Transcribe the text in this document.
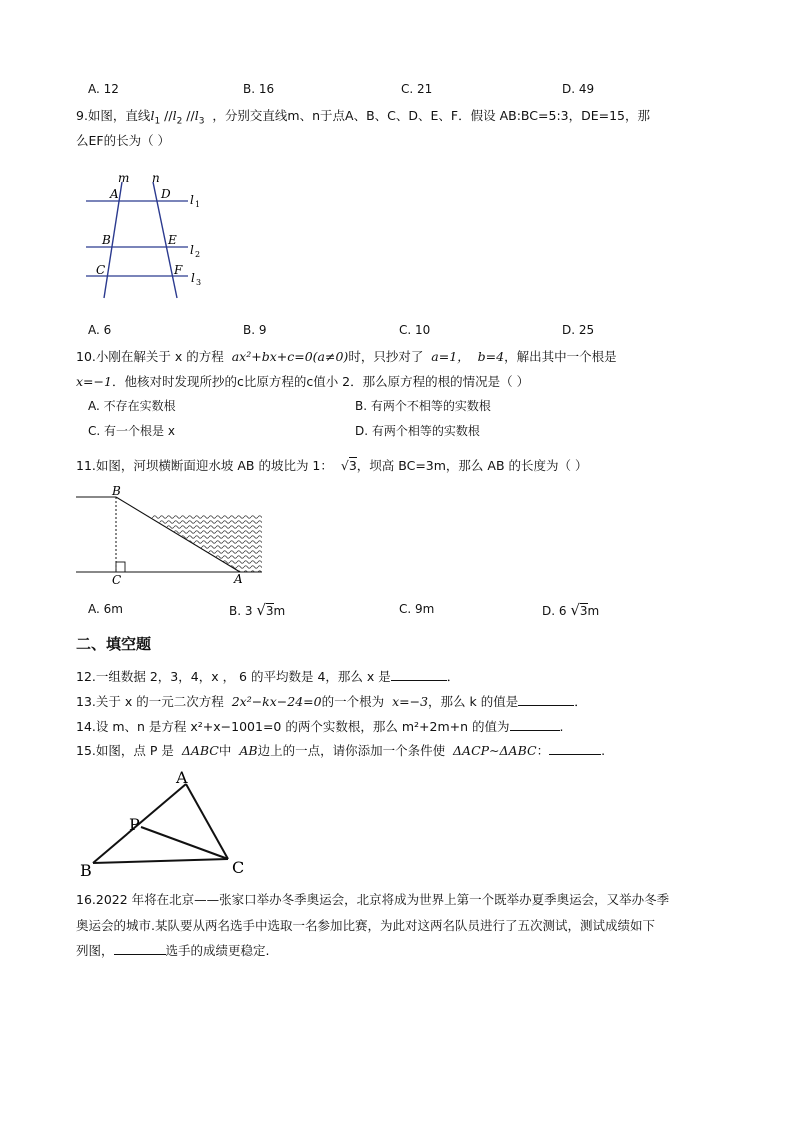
A. 12	B. 16	C. 21	D. 49
9.如图，直线$l_1$ $//l_2$ $//l_3$ ，分别交直线m、n于点A、B、C、D、E、F．假设 AB:BC=5:3，DE=15，那
么EF的长为（ ）
m n
A	D
B	E
C	F
l 1
l 2
l 3
A. 6	B. 9	C. 10	D. 25
10.小刚在解关于 x 的方程 ax²+bx+c=0(a≠0)时，只抄对了 a=1， b=4，解出其中一个根是
x=−1．他核对时发现所抄的c比原方程的c值小 2．那么原方程的根的情况是（ ）
A. 不存在实数根	B. 有两个不相等的实数根
C. 有一个根是 x	D. 有两个相等的实数根
11.如图，河坝横断面迎水坡 AB 的坡比为 1： √3，坝高 BC=3m，那么 AB 的长度为（ ）
B
C	A
A. 6m	B. 3 √3m	C. 9m	D. 6 √3m
二、填空题
12.一组数据 2，3，4，x ， 6 的平均数是 4，那么 x 是	．
13.关于 x 的一元二次方程 2x²−kx−24=0的一个根为 x=−3，那么 k 的值是	．
14.设 m、n 是方程 x²+x−1001=0 的两个实数根，那么 m²+2m+n 的值为	.
15.如图，点 P 是 ΔABC中 AB边上的一点，请你添加一个条件使 ΔACP∼ΔABC：	.
A
P
B	C
16.2022 年将在北京——张家口举办冬季奥运会，北京将成为世界上第一个既举办夏季奥运会，又举办冬季
奥运会的城市.某队要从两名选手中选取一名参加比赛，为此对这两名队员进行了五次测试，测试成绩如下
列图，	选手的成绩更稳定.
